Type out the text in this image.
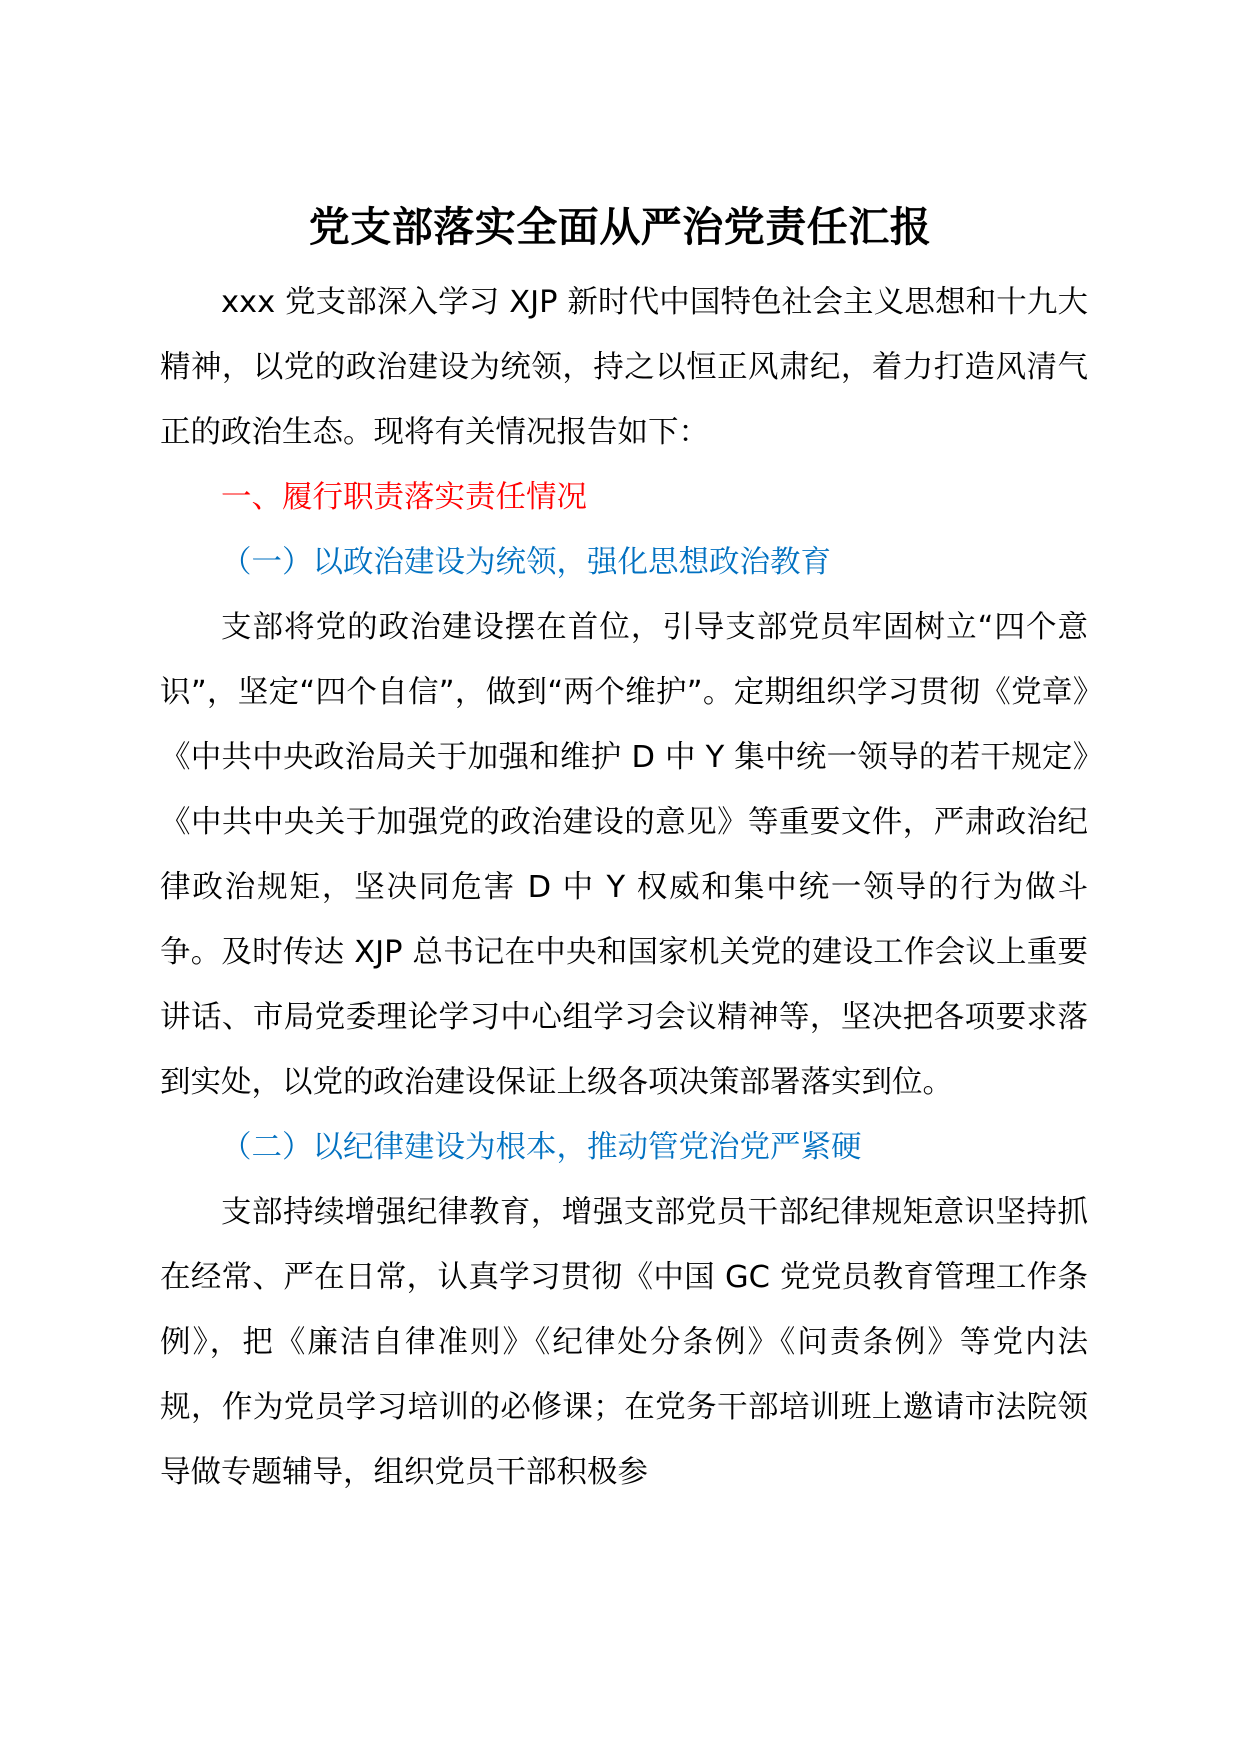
党支部落实全面从严治党责任汇报

xxx 党支部深入学习 XJP 新时代中国特色社会主义思想和十九大精神，以党的政治建设为统领，持之以恒正风肃纪，着力打造风清气正的政治生态。现将有关情况报告如下：

一、履行职责落实责任情况

（一）以政治建设为统领，强化思想政治教育

支部将党的政治建设摆在首位，引导支部党员牢固树立“四个意识”，坚定“四个自信”，做到“两个维护”。定期组织学习贯彻《党章》《中共中央政治局关于加强和维护 D 中 Y 集中统一领导的若干规定》《中共中央关于加强党的政治建设的意见》等重要文件，严肃政治纪律政治规矩，坚决同危害 D 中 Y 权威和集中统一领导的行为做斗争。及时传达 XJP 总书记在中央和国家机关党的建设工作会议上重要讲话、市局党委理论学习中心组学习会议精神等，坚决把各项要求落到实处，以党的政治建设保证上级各项决策部署落实到位。

（二）以纪律建设为根本，推动管党治党严紧硬

支部持续增强纪律教育，增强支部党员干部纪律规矩意识坚持抓在经常、严在日常，认真学习贯彻《中国 GC 党党员教育管理工作条例》，把《廉洁自律准则》《纪律处分条例》《问责条例》等党内法规，作为党员学习培训的必修课；在党务干部培训班上邀请市法院领导做专题辅导，组织党员干部积极参
